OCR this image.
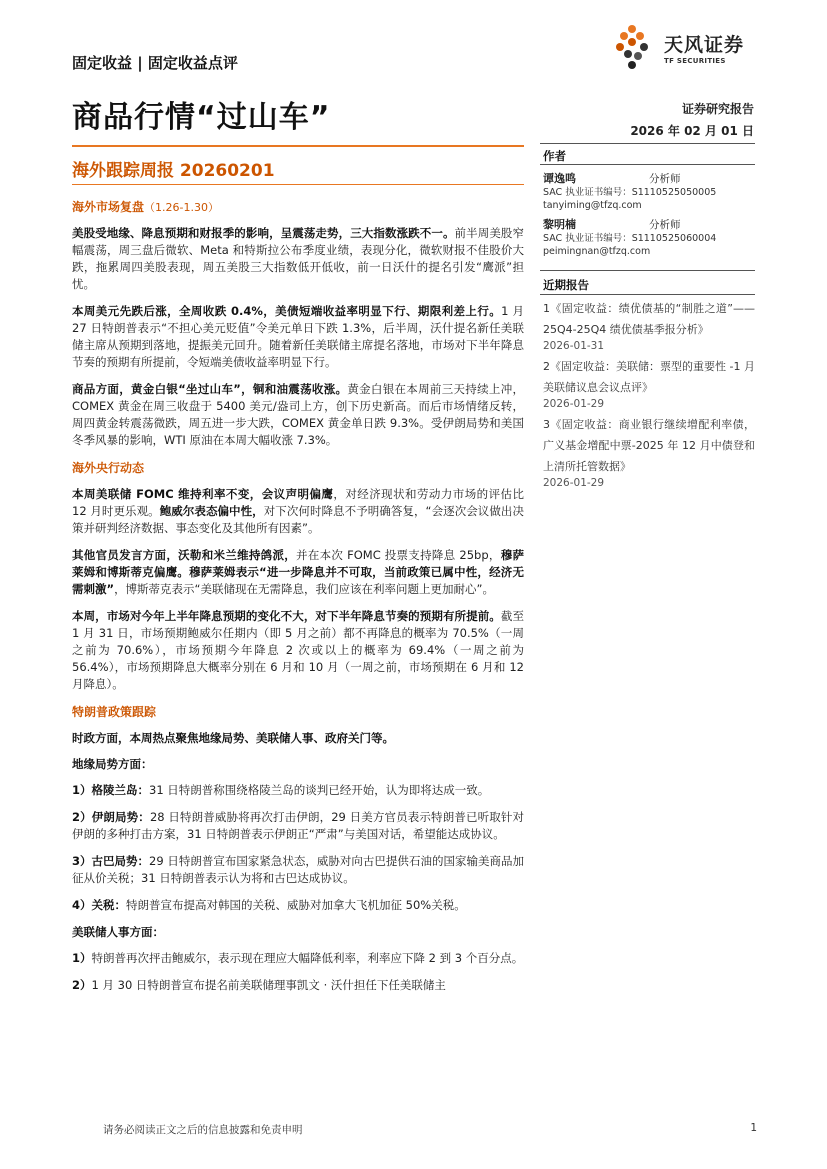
固定收益 | 固定收益点评
天风证券
TF SECURITIES
商品行情“过山车”	证券研究报告
2026 年 02 月 01 日
海外跟踪周报 20260201
海外市场复盘（1.26-1.30）

美股受地缘、降息预期和财报季的影响，呈震荡走势，三大指数涨跌不一。前半周美股窄幅震荡，周三盘后微软、Meta 和特斯拉公布季度业绩，表现分化，微软财报不佳股价大跌，拖累周四美股表现，周五美股三大指数低开低收，前一日沃什的提名引发“鹰派”担忧。

本周美元先跌后涨，全周收跌 0.4%，美债短端收益率明显下行、期限利差上行。1 月 27 日特朗普表示“不担心美元贬值”令美元单日下跌 1.3%，后半周，沃什提名新任美联储主席从预期到落地，提振美元回升。随着新任美联储主席提名落地，市场对下半年降息节奏的预期有所提前，令短端美债收益率明显下行。

商品方面，黄金白银“坐过山车”，铜和油震荡收涨。黄金白银在本周前三天持续上冲，COMEX 黄金在周三收盘于 5400 美元/盎司上方，创下历史新高。而后市场情绪反转，周四黄金转震荡微跌，周五进一步大跌，COMEX 黄金单日跌 9.3%。受伊朗局势和美国冬季风暴的影响，WTI 原油在本周大幅收涨 7.3%。

海外央行动态

本周美联储 FOMC 维持利率不变，会议声明偏鹰，对经济现状和劳动力市场的评估比 12 月时更乐观。鲍威尔表态偏中性，对下次何时降息不予明确答复，“会逐次会议做出决策并研判经济数据、事态变化及其他所有因素”。

其他官员发言方面，沃勒和米兰维持鸽派，并在本次 FOMC 投票支持降息 25bp，穆萨莱姆和博斯蒂克偏鹰。穆萨莱姆表示“进一步降息并不可取，当前政策已属中性，经济无需刺激”，博斯蒂克表示“美联储现在无需降息，我们应该在利率问题上更加耐心”。

本周，市场对今年上半年降息预期的变化不大，对下半年降息节奏的预期有所提前。截至 1 月 31 日，市场预期鲍威尔任期内（即 5 月之前）都不再降息的概率为 70.5%（一周之前为 70.6%），市场预期今年降息 2 次或以上的概率为 69.4%（一周之前为 56.4%），市场预期降息大概率分别在 6 月和 10 月（一周之前，市场预期在 6 月和 12 月降息）。

特朗普政策跟踪
时政方面，本周热点聚焦地缘局势、美联储人事、政府关门等。
地缘局势方面：

1）格陵兰岛：31 日特朗普称围绕格陵兰岛的谈判已经开始，认为即将达成一致。

2）伊朗局势：28 日特朗普威胁将再次打击伊朗，29 日美方官员表示特朗普已听取针对伊朗的多种打击方案，31 日特朗普表示伊朗正“严肃”与美国对话，希望能达成协议。

3）古巴局势：29 日特朗普宣布国家紧急状态，威胁对向古巴提供石油的国家输美商品加征从价关税；31 日特朗普表示认为将和古巴达成协议。

4）关税：特朗普宣布提高对韩国的关税、威胁对加拿大飞机加征 50%关税。

美联储人事方面：

1）特朗普再次抨击鲍威尔，表示现在理应大幅降低利率，利率应下降 2 到 3 个百分点。

2）1 月 30 日特朗普宣布提名前美联储理事凯文 · 沃什担任下任美联储主

作者
谭逸鸣	分析师
SAC 执业证书编号：S1110525050005
tanyiming@tfzq.com
黎明楠	分析师
SAC 执业证书编号：S1110525060004
peimingnan@tfzq.com
近期报告
1《固定收益：绩优债基的“制胜之道”——25Q4-25Q4 绩优债基季报分析》
2026-01-31
2《固定收益：美联储：票型的重要性 -1 月美联储议息会议点评》
2026-01-29
3《固定收益：商业银行继续增配利率债，广义基金增配中票-2025 年 12 月中债登和上清所托管数据》
2026-01-29
请务必阅读正文之后的信息披露和免责申明	1
